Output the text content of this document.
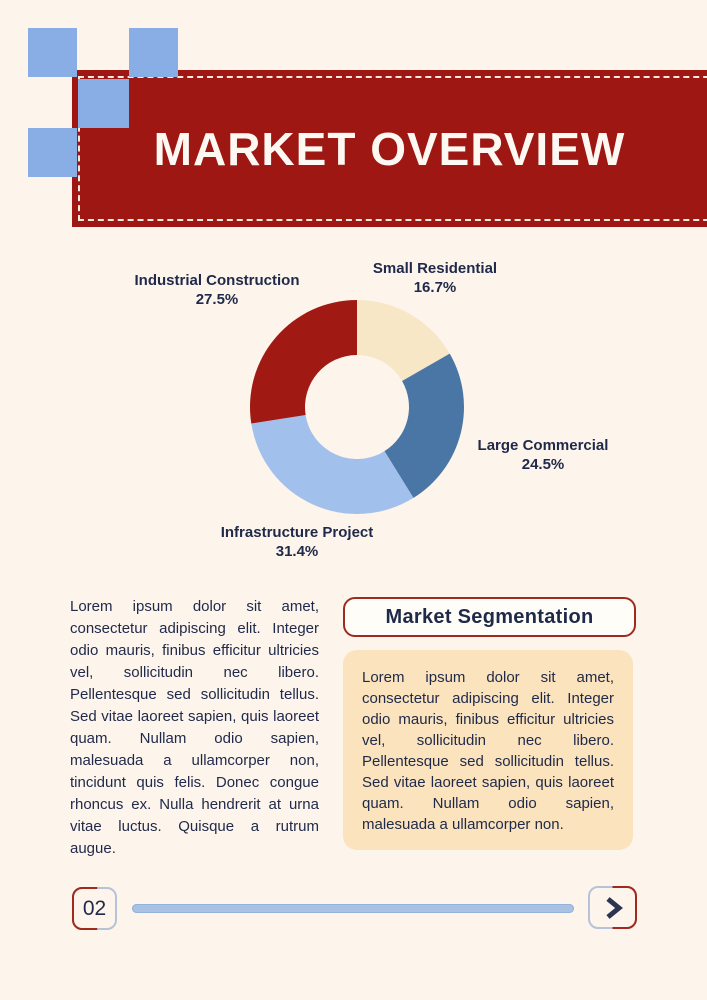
MARKET OVERVIEW
Small Residential
16.7%
Large Commercial
24.5%
Infrastructure Project
31.4%
Industrial Construction
27.5%
Lorem ipsum dolor sit amet, consectetur adipiscing elit. Integer odio mauris, finibus efficitur ultricies vel, sollicitudin nec libero. Pellentesque sed sollicitudin tellus. Sed vitae laoreet sapien, quis laoreet quam. Nullam odio sapien, malesuada a ullamcorper non, tincidunt quis felis. Donec congue rhoncus ex. Nulla hendrerit at urna vitae luctus. Quisque a rutrum augue.
Market Segmentation
Lorem ipsum dolor sit amet, consectetur adipiscing elit. Integer odio mauris, finibus efficitur ultricies vel, sollicitudin nec libero. Pellentesque sed sollicitudin tellus. Sed vitae laoreet sapien, quis laoreet quam. Nullam odio sapien, malesuada a ullamcorper non.
02
